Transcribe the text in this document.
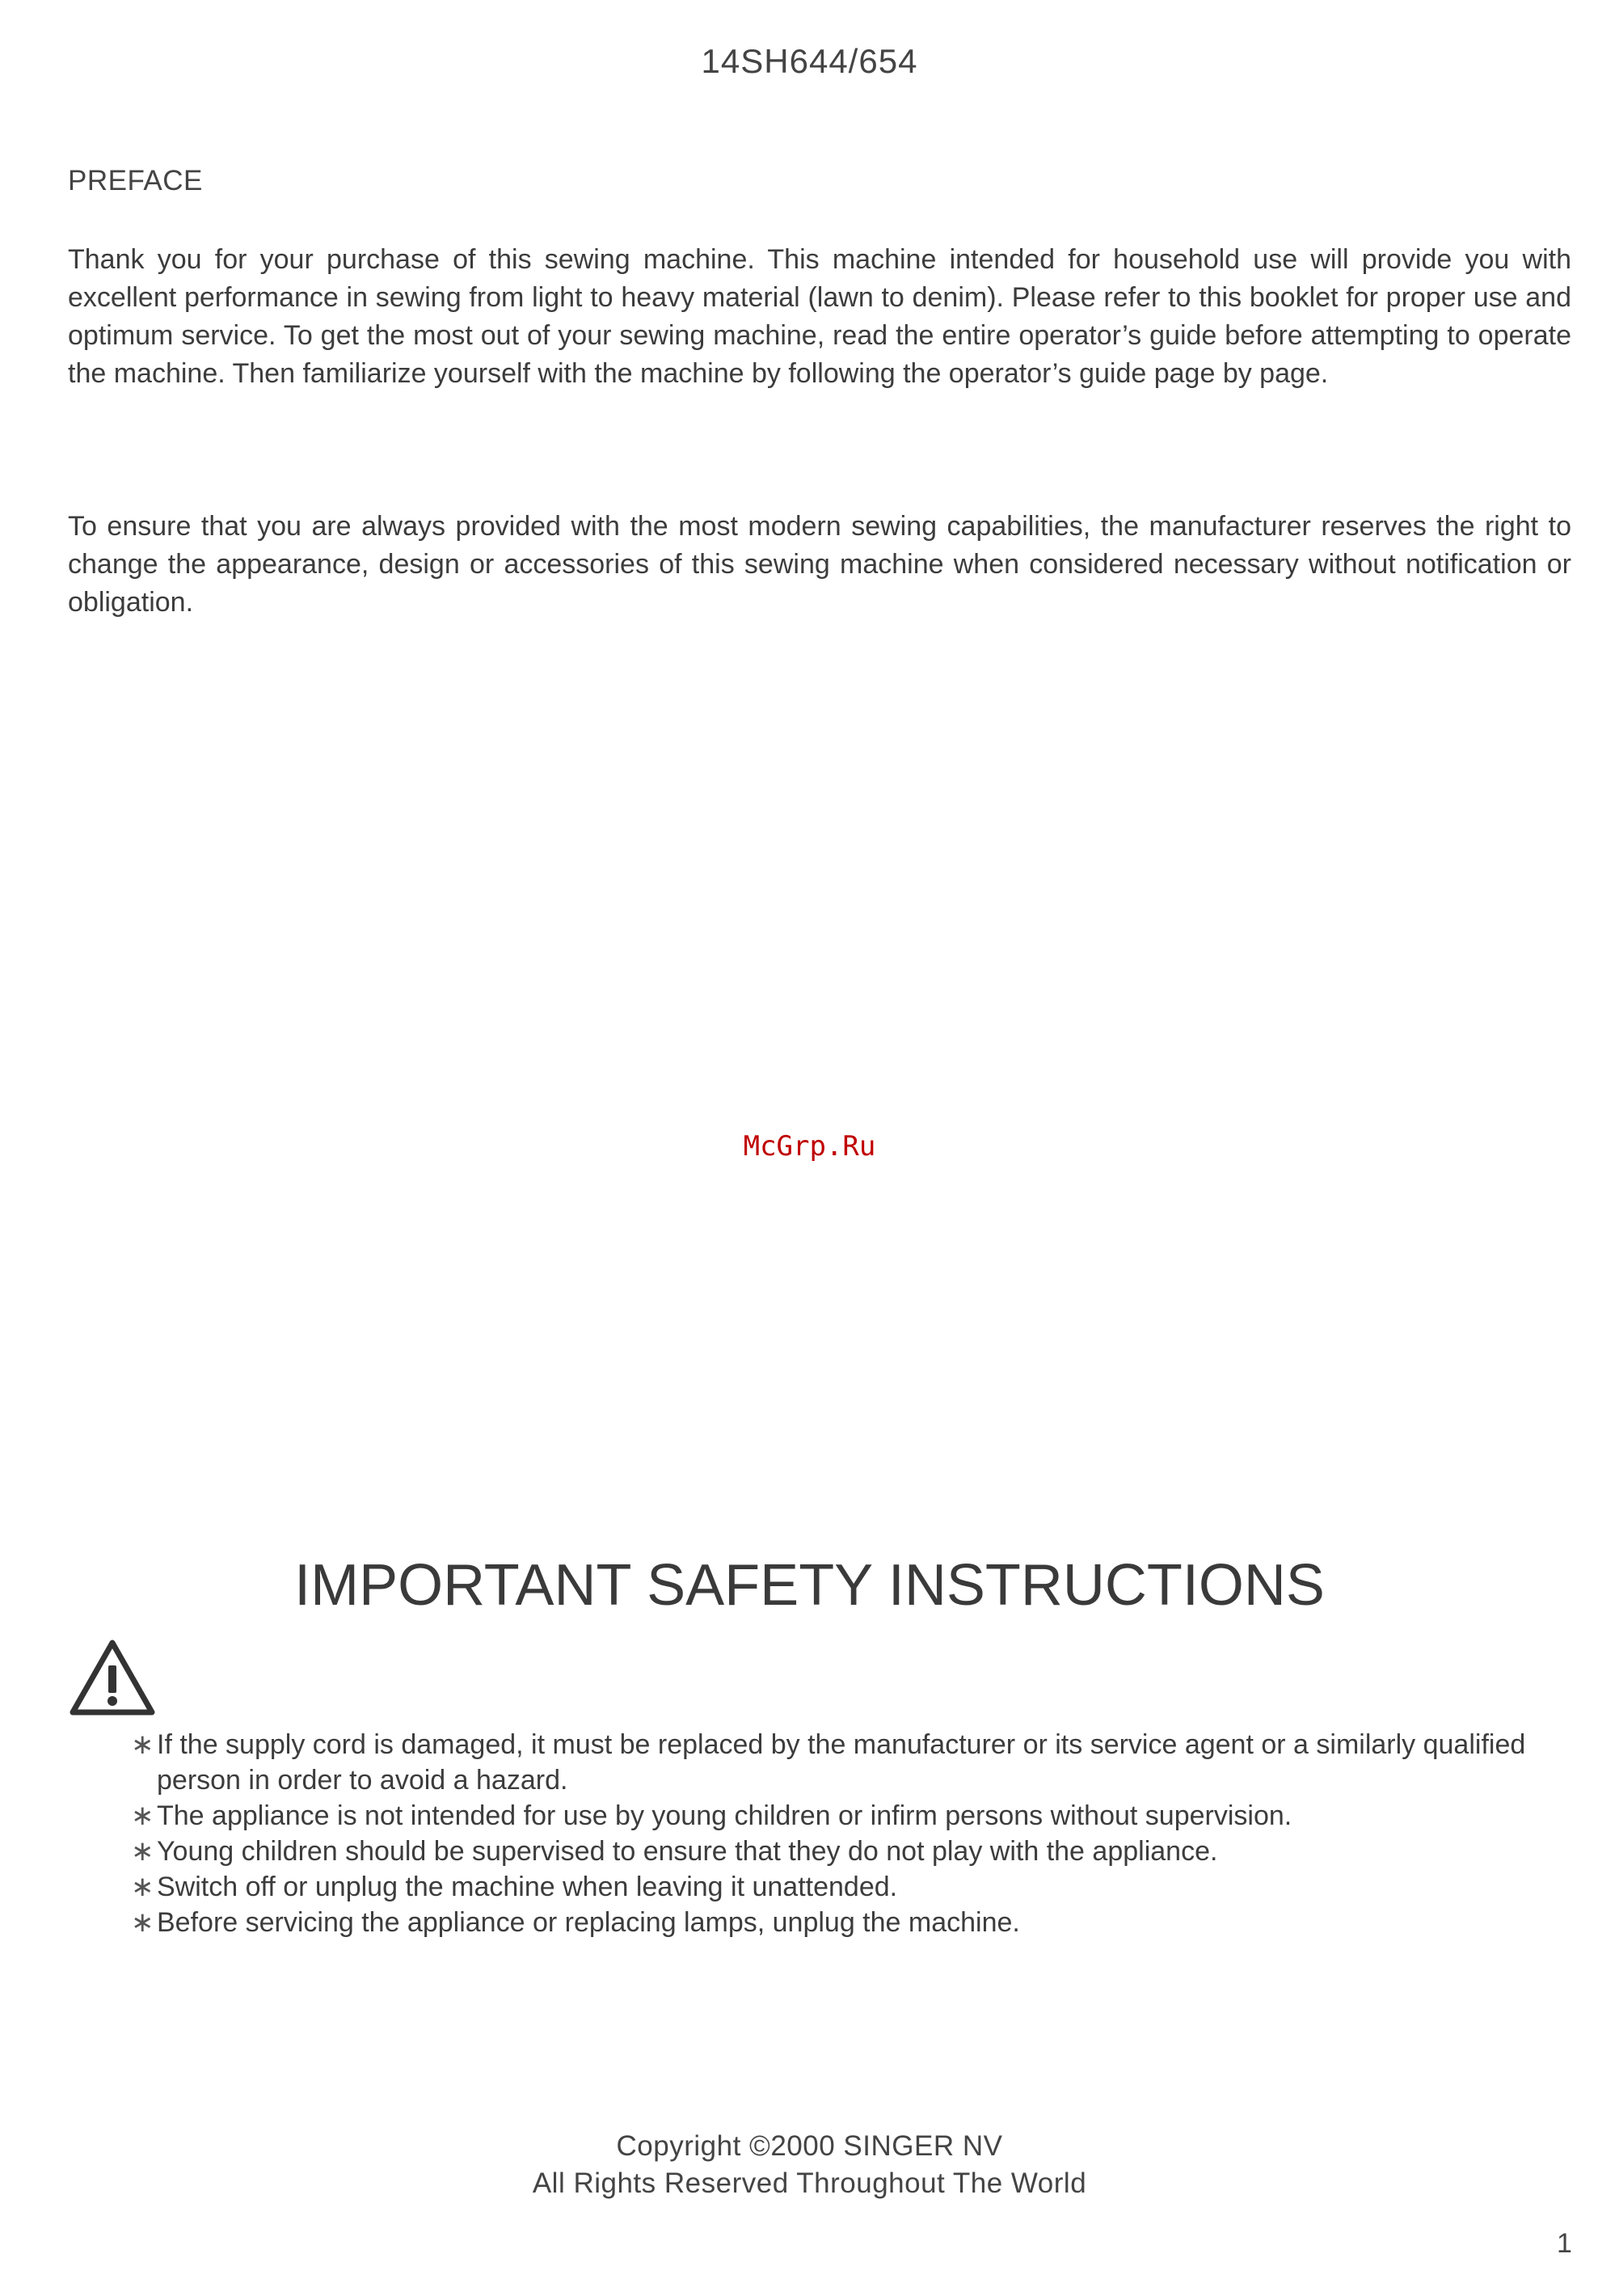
14SH644/654
PREFACE
Thank you for your purchase of this sewing machine. This machine intended for household use will provide you with excellent performance in sewing from light to heavy material (lawn to denim). Please refer to this booklet for proper use and optimum service. To get the most out of your sewing machine, read the entire operator’s guide before attempting to operate the machine. Then familiarize yourself with the machine by following the operator’s guide page by page.
To ensure that you are always provided with the most modern sewing capabilities, the manufacturer reserves the right to change the appearance, design or accessories of this sewing machine when considered necessary without notification or obligation.
McGrp.Ru
IMPORTANT SAFETY INSTRUCTIONS
∗ If the supply cord is damaged, it must be replaced by the manufacturer or its service agent or a similarly qualified person in order to avoid a hazard.
∗ The appliance is not intended for use by young children or infirm persons without supervision.
∗ Young children should be supervised to ensure that they do not play with the appliance.
∗ Switch off or unplug the machine when leaving it unattended.
∗ Before servicing the appliance or replacing lamps, unplug the machine.
Copyright ©2000 SINGER NV
All Rights Reserved Throughout The World
1
